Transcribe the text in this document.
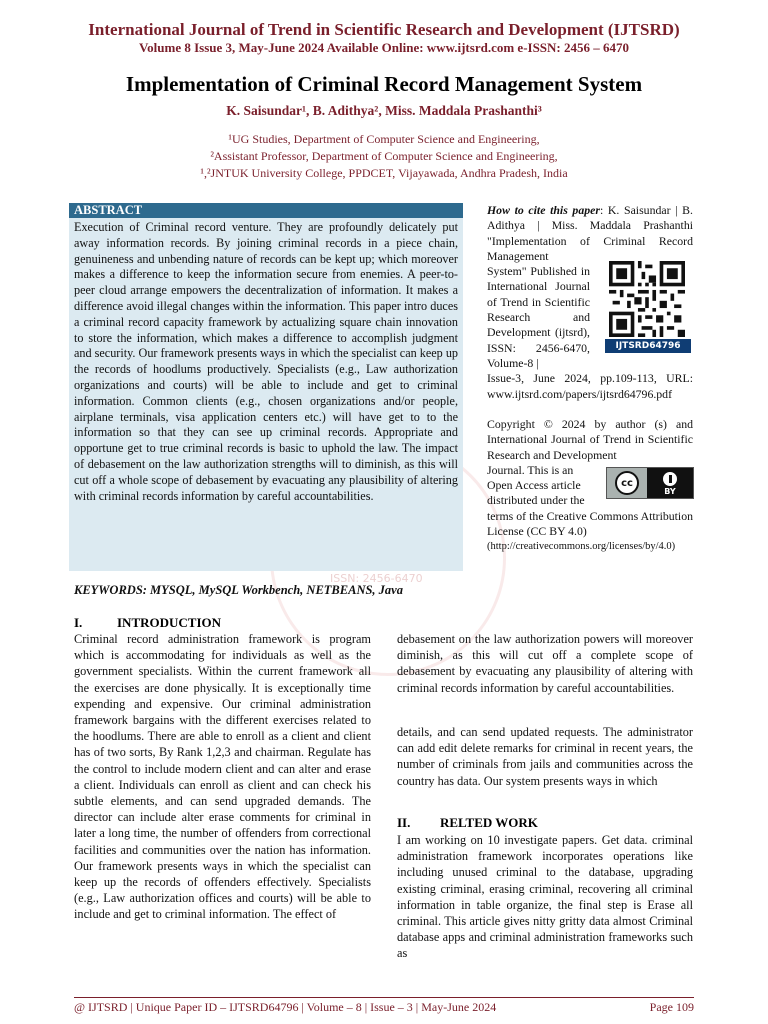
International Journal of Trend in Scientific Research and Development (IJTSRD)
Volume 8 Issue 3, May-June 2024 Available Online: www.ijtsrd.com e-ISSN: 2456 – 6470
Implementation of Criminal Record Management System
K. Saisundar¹, B. Adithya², Miss. Maddala Prashanthi³
¹UG Studies, Department of Computer Science and Engineering,
²Assistant Professor, Department of Computer Science and Engineering,
¹,²JNTUK University College, PPDCET, Vijayawada, Andhra Pradesh, India
ISSN: 2456-6470
ABSTRACT
Execution of Criminal record venture. They are profoundly delicately put away information records. By joining criminal records in a piece chain, genuineness and unbending nature of records can be kept up; which moreover makes a difference to keep the information secure from enemies. A peer-to-peer cloud arrange empowers the decentralization of information. It makes a difference avoid illegal changes within the information. This paper intro duces a criminal record capacity framework by actualizing square chain innovation to store the information, which makes a difference to accomplish judgment and security. Our framework presents ways in which the specialist can keep up the records of hoodlums productively. Specialists (e.g., Law authorization organizations and courts) will be able to include and get to criminal information. Common clients (e.g., chosen organizations and/or people, airplane terminals, visa application centers etc.) will have get to to the information so that they can see up criminal records. Appropriate and opportune get to true criminal records is basic to uphold the law. The impact of debasement on the law authorization strengths will to diminish, as this will cut off a whole scope of debasement by evacuating any plausibility of altering with criminal records information by careful accountabilities.
How to cite this paper: K. Saisundar | B. Adithya | Miss. Maddala Prashanthi "Implementation of Criminal Record Management
System" Published in International Journal of Trend in Scientific Research and Development (ijtsrd), ISSN: 2456-6470, Volume-8 |
Issue-3, June 2024, pp.109-113, URL: www.ijtsrd.com/papers/ijtsrd64796.pdf
IJTSRD64796
Copyright © 2024 by author (s) and International Journal of Trend in Scientific Research and Development
Journal. This is an Open Access article distributed under the
terms of the Creative Commons Attribution License (CC BY 4.0)
(http://creativecommons.org/licenses/by/4.0)
cc
BY
KEYWORDS: MYSQL, MySQL Workbench, NETBEANS, Java
I.	INTRODUCTION
Criminal record administration framework is program which is accommodating for individuals as well as the government specialists. Within the current framework all the exercises are done physically. It is exceptionally time expending and expensive. Our criminal administration framework bargains with the different exercises related to the hoodlums. There are able to enroll as a client and client has of two sorts, By Rank 1,2,3 and chairman. Regulate has the control to include modern client and can alter and erase a client. Individuals can enroll as client and can check his subtle elements, and can send upgraded demands. The director can include alter erase comments for criminal in later a long time, the number of offenders from correctional facilities and communities over the nation has information. Our framework presents ways in which the specialist can keep up the records of offenders effectively. Specialists (e.g., Law authorization offices and courts) will be able to include and get to criminal information. The effect of
debasement on the law authorization powers will moreover diminish, as this will cut off a complete scope of debasement by evacuating any plausibility of altering with criminal records information by careful accountabilities.
details, and can send updated requests. The administrator can add edit delete remarks for criminal in recent years, the number of criminals from jails and communities across the country has data. Our system presents ways in which
II. RELTED WORK
I am working on 10 investigate papers. Get data. criminal administration framework incorporates operations like including unused criminal to the database, upgrading existing criminal, erasing criminal, recovering all criminal information in table organize, the final step is Erase all criminal. This article gives nitty gritty data almost Criminal database apps and criminal administration frameworks such as
@ IJTSRD | Unique Paper ID – IJTSRD64796 | Volume – 8 | Issue – 3 | May-June 2024	Page 109
